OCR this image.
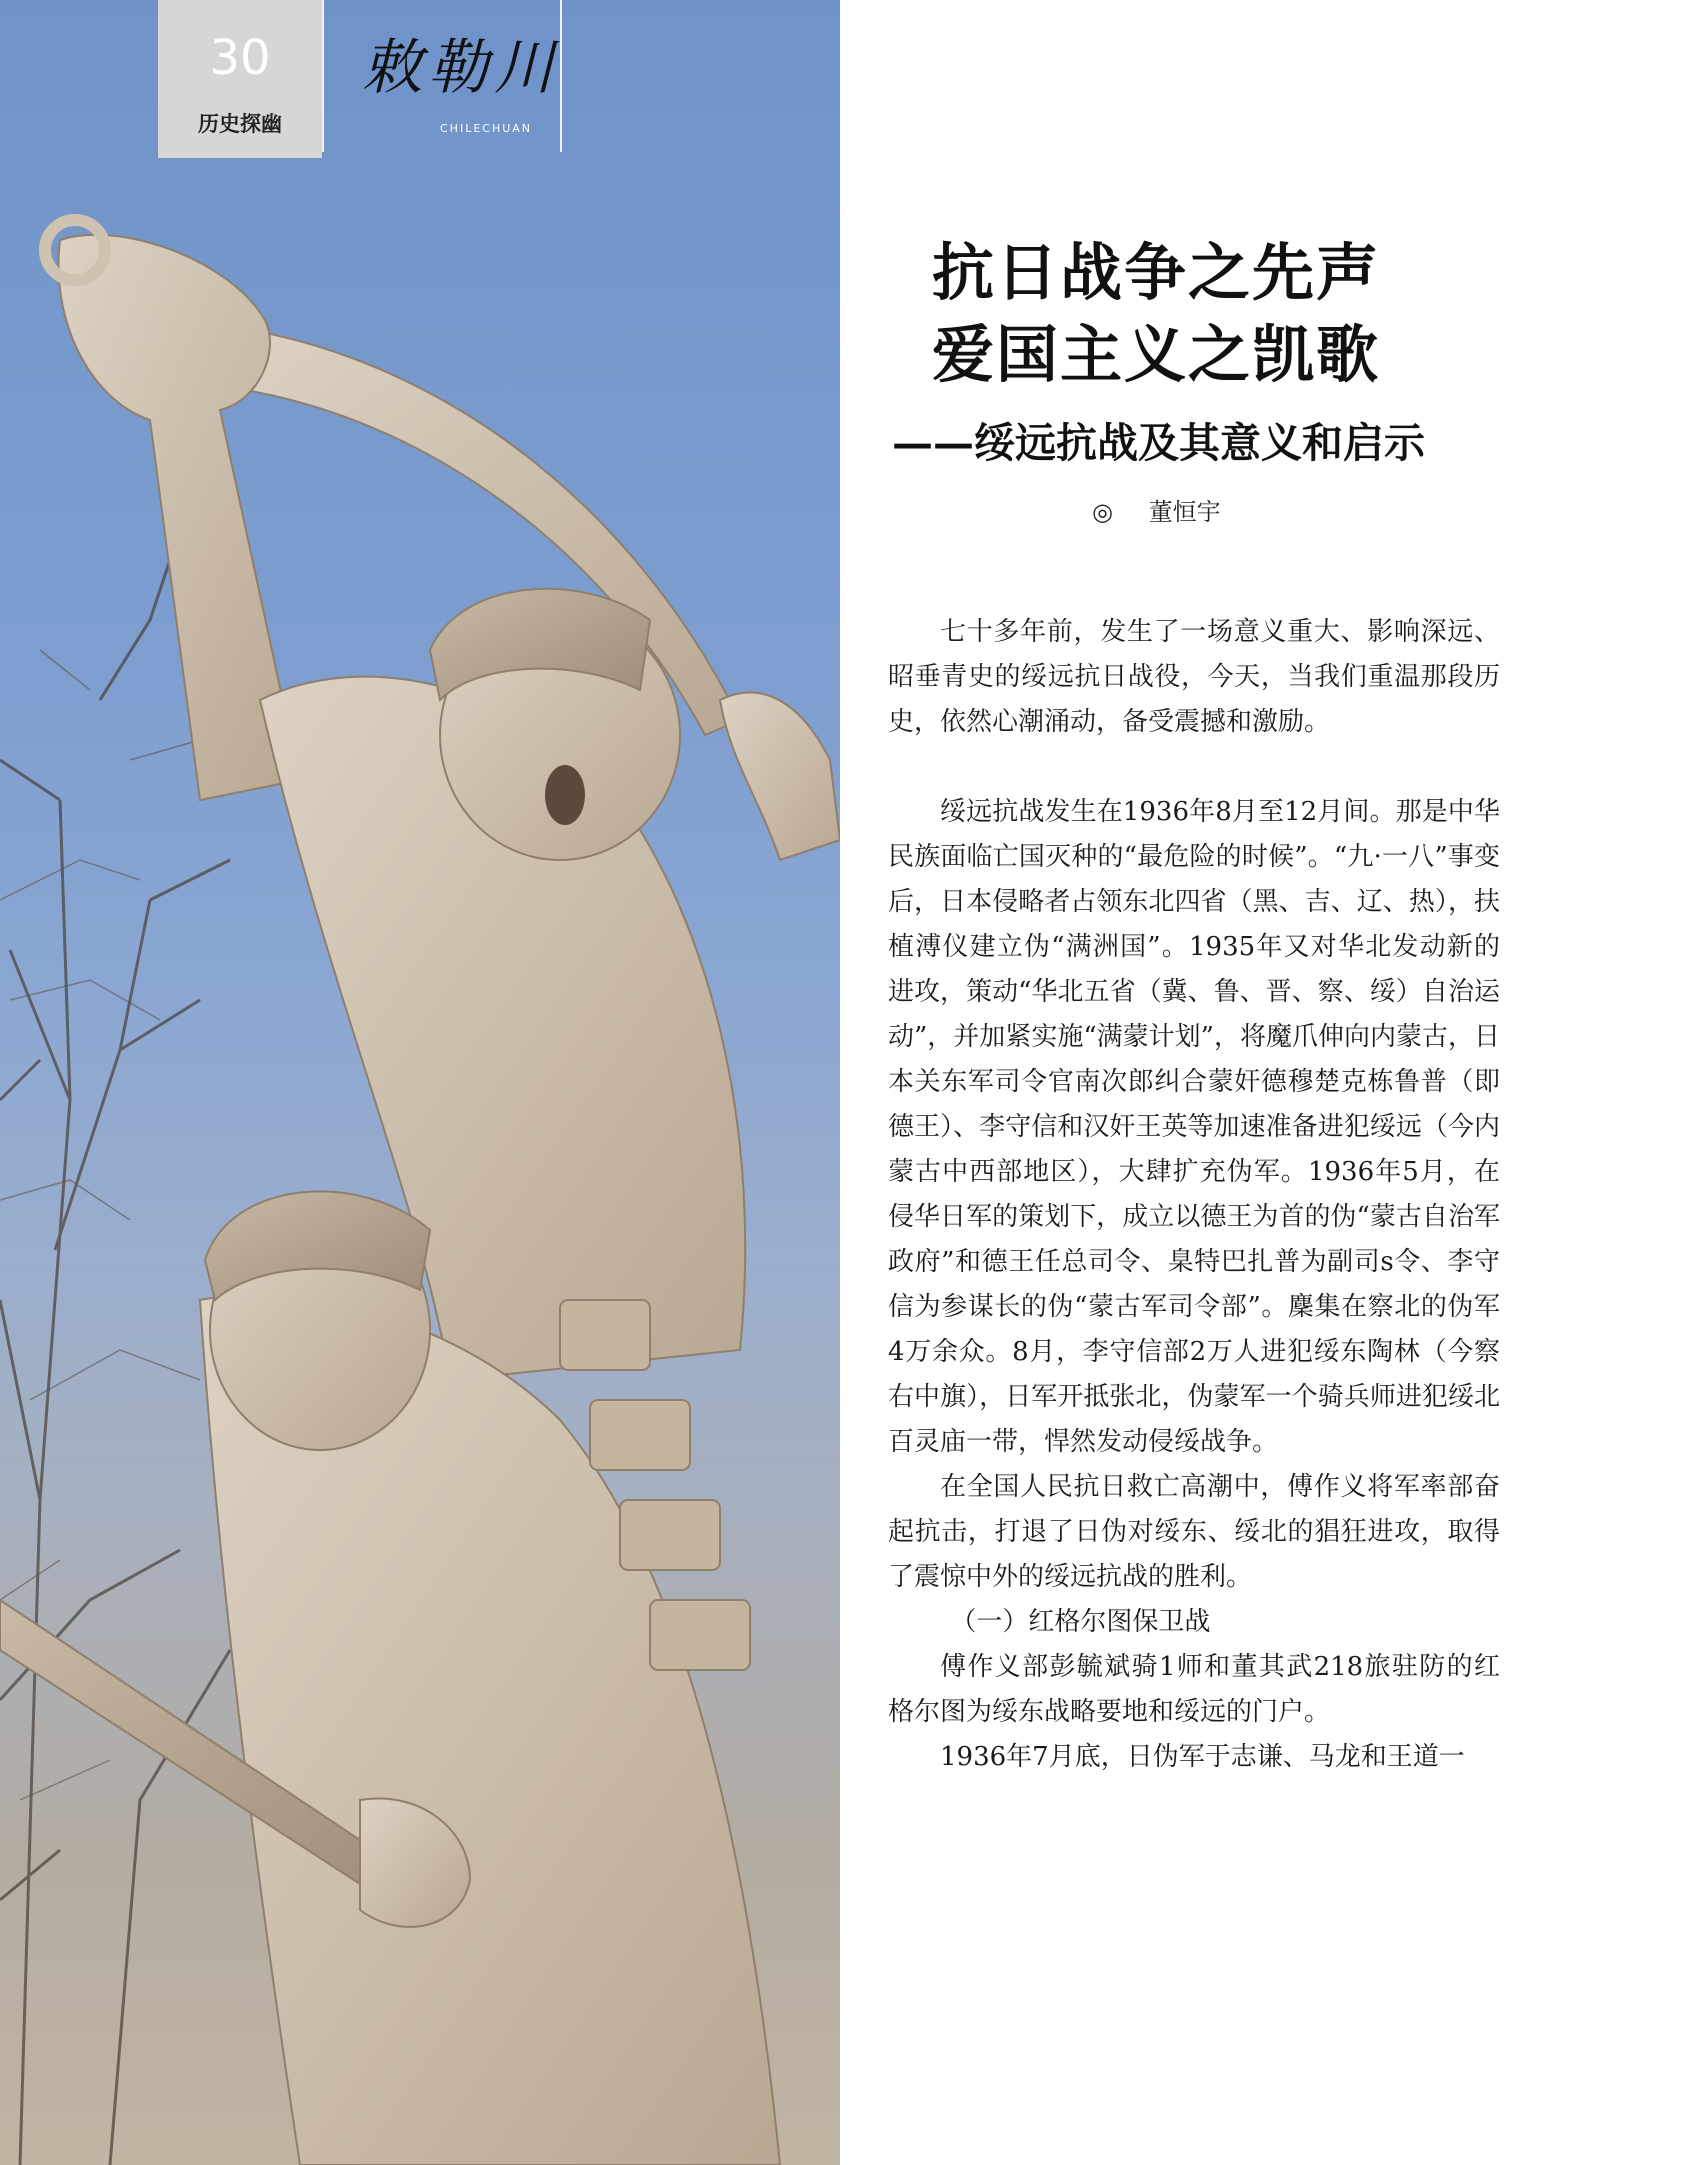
30
历史探幽
敕勒川
CHILECHUAN
抗日战争之先声
爱国主义之凯歌
——绥远抗战及其意义和启示
◎ 董恒宇

七十多年前，发生了一场意义重大、影响深远、昭垂青史的绥远抗日战役，今天，当我们重温那段历史，依然心潮涌动，备受震撼和激励。

绥远抗战发生在1936年8月至12月间。那是中华民族面临亡国灭种的“最危险的时候”。“九·一八”事变后，日本侵略者占领东北四省（黑、吉、辽、热），扶植溥仪建立伪“满洲国”。1935年又对华北发动新的进攻，策动“华北五省（冀、鲁、晋、察、绥）自治运动”，并加紧实施“满蒙计划”，将魔爪伸向内蒙古，日本关东军司令官南次郎纠合蒙奸德穆楚克栋鲁普（即德王）、李守信和汉奸王英等加速准备进犯绥远（今内蒙古中西部地区），大肆扩充伪军。1936年5月，在侵华日军的策划下，成立以德王为首的伪“蒙古自治军政府”和德王任总司令、臬特巴扎普为副司s令、李守信为参谋长的伪“蒙古军司令部”。麇集在察北的伪军4万余众。8月，李守信部2万人进犯绥东陶林（今察右中旗），日军开抵张北，伪蒙军一个骑兵师进犯绥北百灵庙一带，悍然发动侵绥战争。

在全国人民抗日救亡高潮中，傅作义将军率部奋起抗击，打退了日伪对绥东、绥北的猖狂进攻，取得了震惊中外的绥远抗战的胜利。

（一）红格尔图保卫战

傅作义部彭毓斌骑1师和董其武218旅驻防的红格尔图为绥东战略要地和绥远的门户。

1936年7月底，日伪军于志谦、马龙和王道一
